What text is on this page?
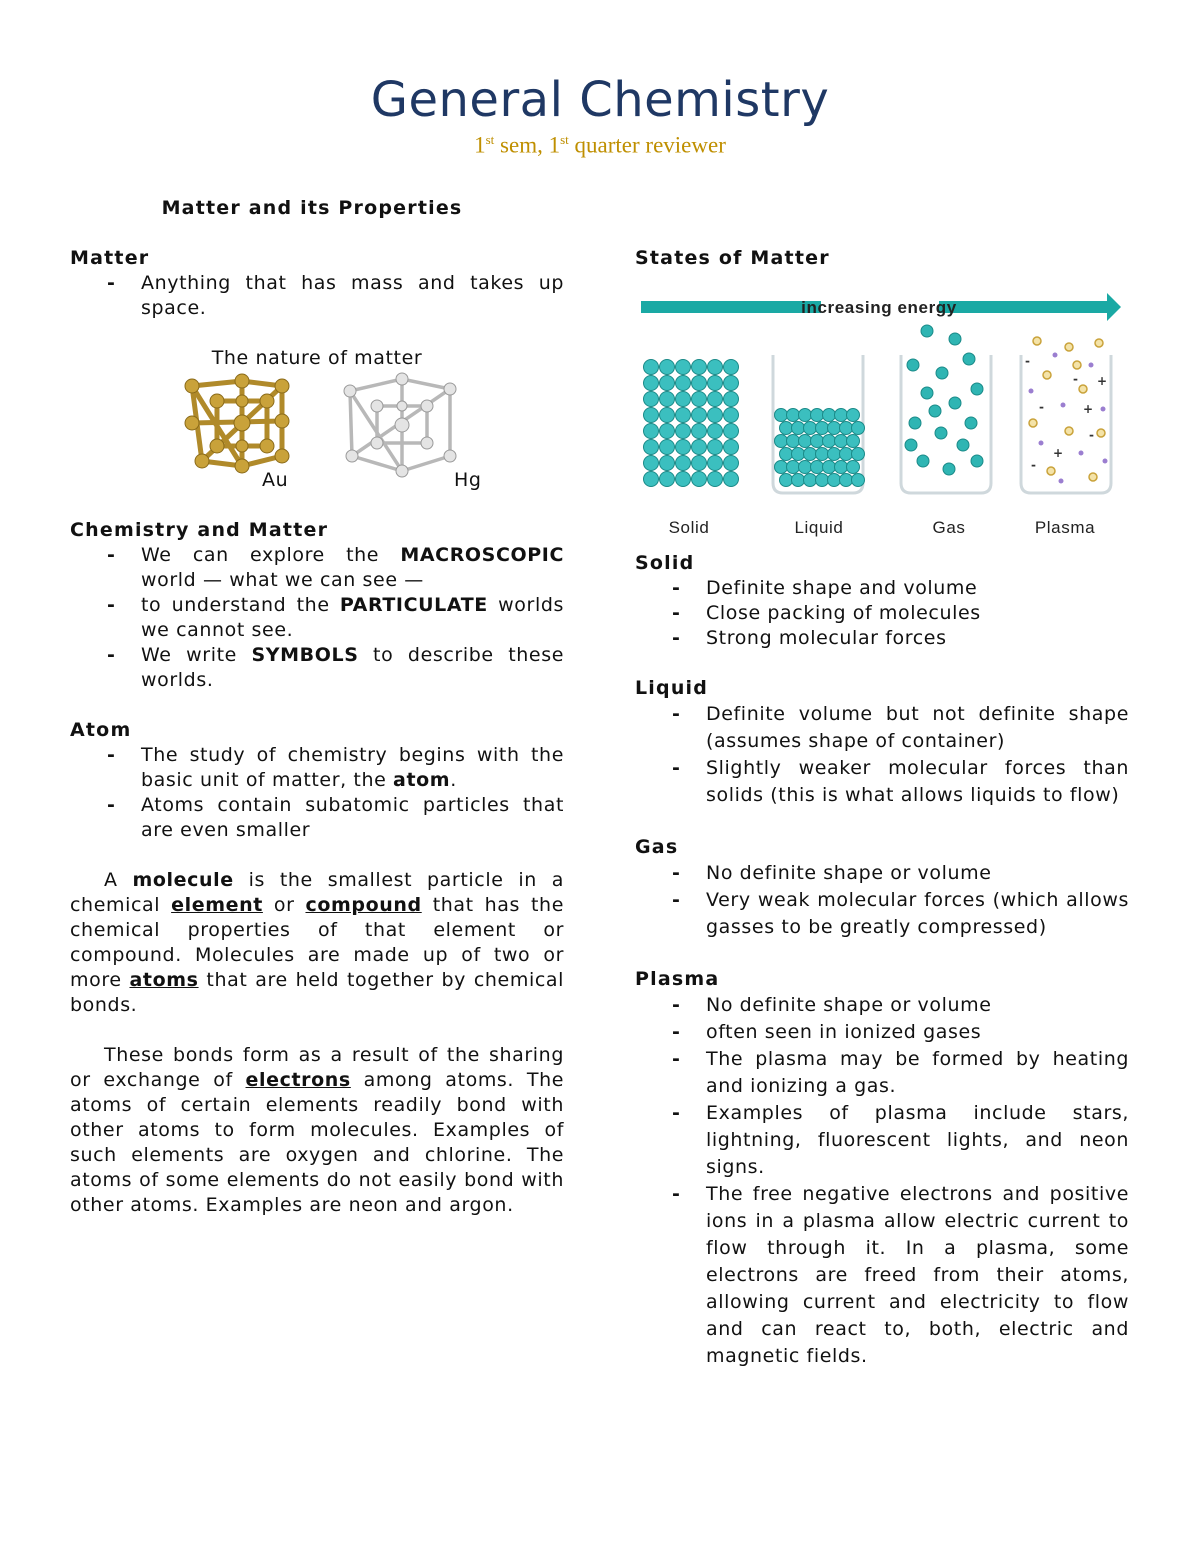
General Chemistry
1st sem, 1st quarter reviewer
Matter and its Properties
Matter
- Anything that has mass and takes up space.
The nature of matter
Au	Hg
Chemistry and Matter
- We can explore the MACROSCOPIC world — what we can see —
- to understand the PARTICULATE worlds we cannot see.
- We write SYMBOLS to describe these worlds.
Atom
- The study of chemistry begins with the basic unit of matter, the atom.
- Atoms contain subatomic particles that are even smaller

A molecule is the smallest particle in a chemical element or compound that has the chemical properties of that element or compound. Molecules are made up of two or more atoms that are held together by chemical bonds.

These bonds form as a result of the sharing or exchange of electrons among atoms. The atoms of certain elements readily bond with other atoms to form molecules. Examples of such elements are oxygen and chlorine. The atoms of some elements do not easily bond with other atoms. Examples are neon and argon.

States of Matter
increasing energy
-
+
-
-
+
-
- +
Solid	Liquid	Gas	Plasma
Solid
- Definite shape and volume
- Close packing of molecules
- Strong molecular forces
Liquid
- Definite volume but not definite shape (assumes shape of container)
- Slightly weaker molecular forces than solids (this is what allows liquids to flow)
Gas
- No definite shape or volume
- Very weak molecular forces (which allows gasses to be greatly compressed)
Plasma
- No definite shape or volume
- often seen in ionized gases
- The plasma may be formed by heating and ionizing a gas.
- Examples of plasma include stars, lightning, fluorescent lights, and neon signs.
- The free negative electrons and positive ions in a plasma allow electric current to flow through it. In a plasma, some electrons are freed from their atoms, allowing current and electricity to flow and can react to, both, electric and magnetic fields.
